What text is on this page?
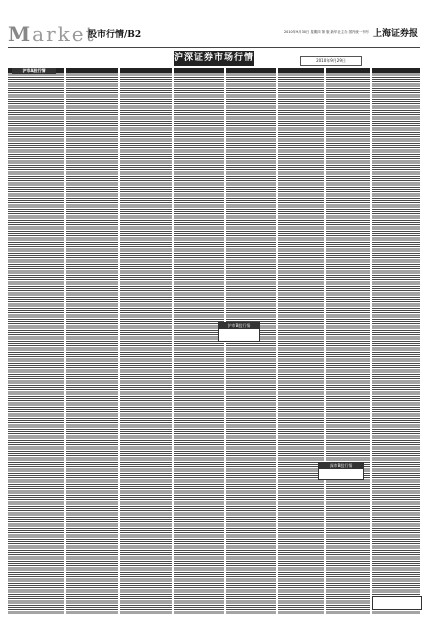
Market
股市行情/B2	2010年9月30日 星期四 第 版 新华社主办 国内统一刊号 上海证券报
沪深证券市场行情	2010年9月29日
沪市A股行情
沪市B股行情
深市B股行情
